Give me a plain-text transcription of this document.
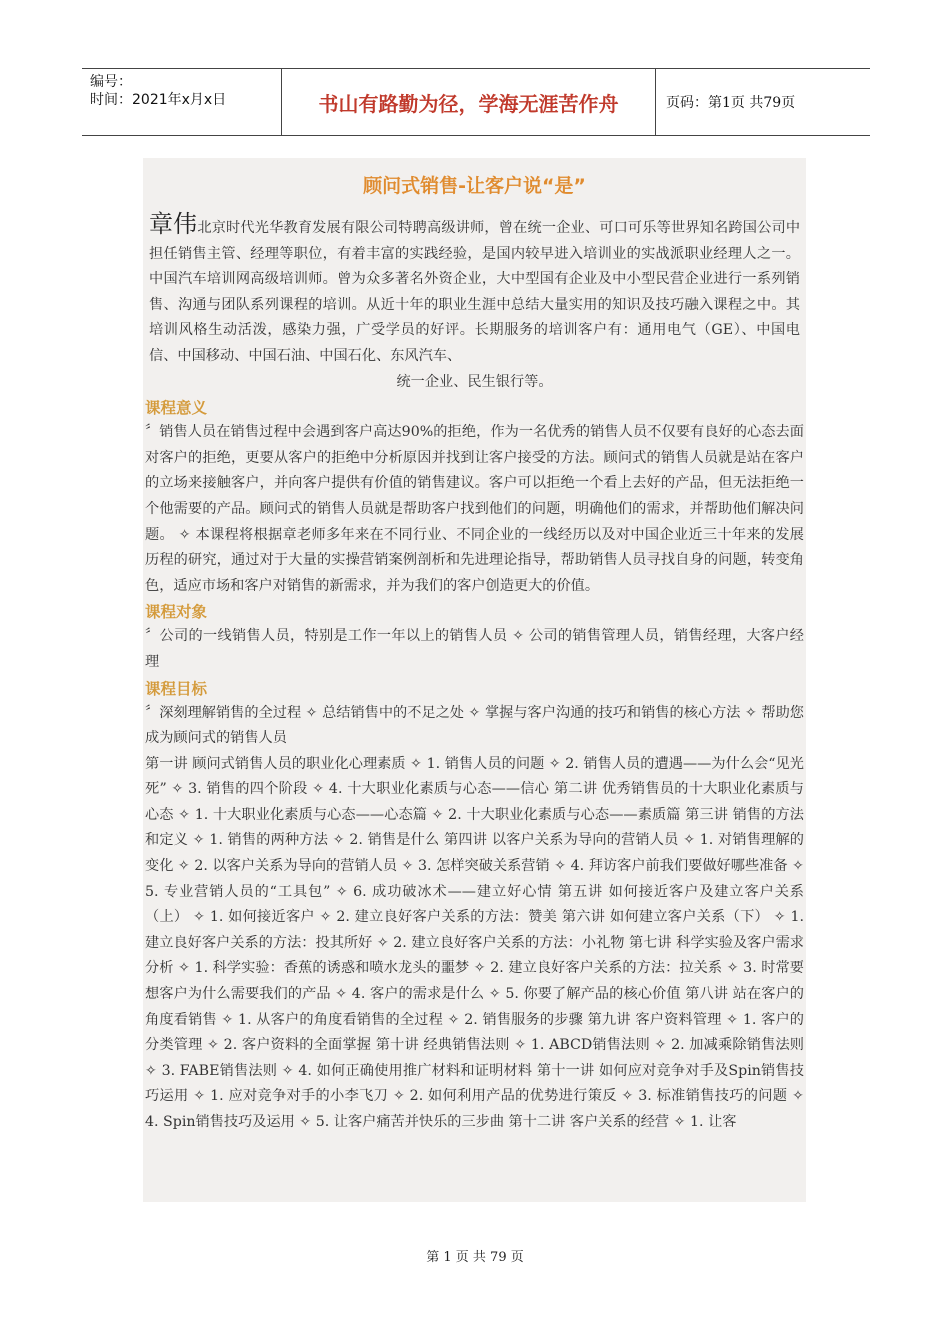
编号：
时间：2021年x月x日	书山有路勤为径，学海无涯苦作舟	页码：第1页 共79页
顾问式销售-让客户说“是”
章伟北京时代光华教育发展有限公司特聘高级讲师，曾在统一企业、可口可乐等世界知名跨国公司中担任销售主管、经理等职位，有着丰富的实践经验，是国内较早进入培训业的实战派职业经理人之一。中国汽车培训网高级培训师。曾为众多著名外资企业，大中型国有企业及中小型民营企业进行一系列销售、沟通与团队系列课程的培训。从近十年的职业生涯中总结大量实用的知识及技巧融入课程之中。其培训风格生动活泼，感染力强，广受学员的好评。长期服务的培训客户有：通用电气（GE）、中国电信、中国移动、中国石油、中国石化、东风汽车、
统一企业、民生银行等。
课程意义
〞销售人员在销售过程中会遇到客户高达90%的拒绝，作为一名优秀的销售人员不仅要有良好的心态去面对客户的拒绝，更要从客户的拒绝中分析原因并找到让客户接受的方法。顾问式的销售人员就是站在客户的立场来接触客户，并向客户提供有价值的销售建议。客户可以拒绝一个看上去好的产品，但无法拒绝一个他需要的产品。顾问式的销售人员就是帮助客户找到他们的问题，明确他们的需求，并帮助他们解决问题。 ✧ 本课程将根据章老师多年来在不同行业、不同企业的一线经历以及对中国企业近三十年来的发展历程的研究，通过对于大量的实操营销案例剖析和先进理论指导，帮助销售人员寻找自身的问题，转变角色，适应市场和客户对销售的新需求，并为我们的客户创造更大的价值。
课程对象
〞公司的一线销售人员，特别是工作一年以上的销售人员 ✧ 公司的销售管理人员，销售经理，大客户经理
课程目标
〞深刻理解销售的全过程 ✧ 总结销售中的不足之处 ✧ 掌握与客户沟通的技巧和销售的核心方法 ✧ 帮助您成为顾问式的销售人员
第一讲 顾问式销售人员的职业化心理素质 ✧ 1. 销售人员的问题 ✧ 2. 销售人员的遭遇——为什么会“见光死” ✧ 3. 销售的四个阶段 ✧ 4. 十大职业化素质与心态——信心 第二讲 优秀销售员的十大职业化素质与心态 ✧ 1. 十大职业化素质与心态——心态篇 ✧ 2. 十大职业化素质与心态——素质篇 第三讲 销售的方法和定义 ✧ 1. 销售的两种方法 ✧ 2. 销售是什么 第四讲 以客户关系为导向的营销人员 ✧ 1. 对销售理解的变化 ✧ 2. 以客户关系为导向的营销人员 ✧ 3. 怎样突破关系营销 ✧ 4. 拜访客户前我们要做好哪些准备 ✧ 5. 专业营销人员的“工具包” ✧ 6. 成功破冰术——建立好心情 第五讲 如何接近客户及建立客户关系（上） ✧ 1. 如何接近客户 ✧ 2. 建立良好客户关系的方法：赞美 第六讲 如何建立客户关系（下） ✧ 1. 建立良好客户关系的方法：投其所好 ✧ 2. 建立良好客户关系的方法：小礼物 第七讲 科学实验及客户需求分析 ✧ 1. 科学实验：香蕉的诱惑和喷水龙头的噩梦 ✧ 2. 建立良好客户关系的方法：拉关系 ✧ 3. 时常要想客户为什么需要我们的产品 ✧ 4. 客户的需求是什么 ✧ 5. 你要了解产品的核心价值 第八讲 站在客户的角度看销售 ✧ 1. 从客户的角度看销售的全过程 ✧ 2. 销售服务的步骤 第九讲 客户资料管理 ✧ 1. 客户的分类管理 ✧ 2. 客户资料的全面掌握 第十讲 经典销售法则 ✧ 1. ABCD销售法则 ✧ 2. 加减乘除销售法则 ✧ 3. FABE销售法则 ✧ 4. 如何正确使用推广材料和证明材料 第十一讲 如何应对竞争对手及Spin销售技巧运用 ✧ 1. 应对竞争对手的小李飞刀 ✧ 2. 如何利用产品的优势进行策反 ✧ 3. 标准销售技巧的问题 ✧ 4. Spin销售技巧及运用 ✧ 5. 让客户痛苦并快乐的三步曲 第十二讲 客户关系的经营 ✧ 1. 让客
第 1 页 共 79 页
